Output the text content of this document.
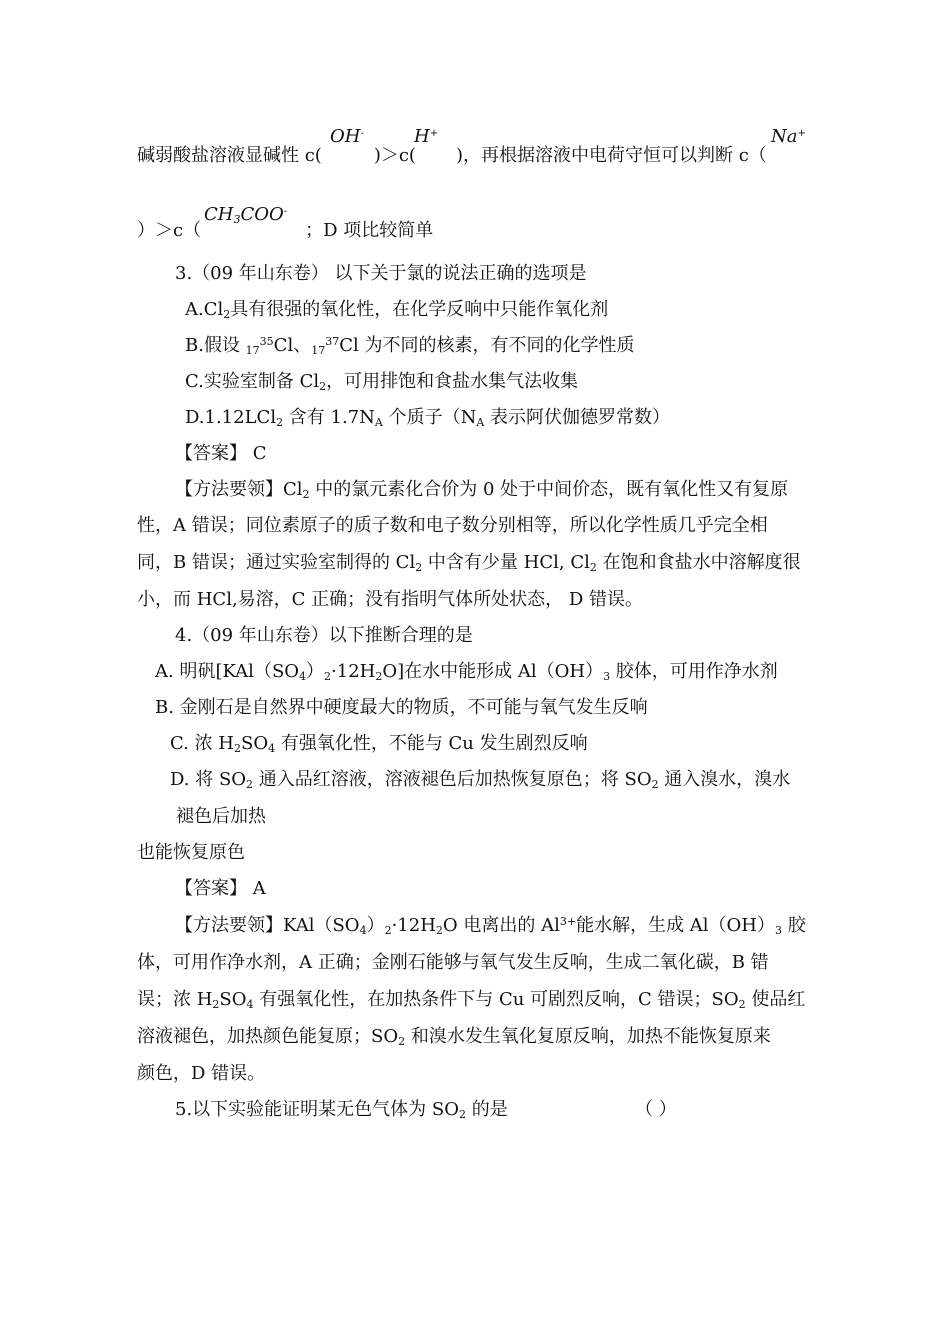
碱弱酸盐溶液显碱性 c(	)＞c( )，再根据溶液中电荷守恒可以判断 c（
OH-	H+	Na+
$CH_3COO^-$
）＞c（	；D 项比较简单
3.（09 年山东卷） 以下关于氯的说法正确的选项是
$A.Cl_2$具有很强的氧化性，在化学反响中只能作氧化剂
B.假设 $_{17}^{35}$Cl、$_{17}^{37}$Cl 为不同的核素，有不同的化学性质
C.实验室制备 $Cl_2$，可用排饱和食盐水集气法收集
D.1.12LCl$_2$ 含有 $1.7N_A$ 个质子（$N_A$ 表示阿伏伽德罗常数）
【答案】 C
【方法要领】$Cl_2$ 中的氯元素化合价为 0 处于中间价态，既有氧化性又有复原
性，A 错误；同位素原子的质子数和电子数分别相等，所以化学性质几乎完全相
同，B 错误；通过实验室制得的 $Cl_2$ 中含有少量 HCl, $Cl_2$ 在饱和食盐水中溶解度很
小，而 HCl,易溶，C 正确；没有指明气体所处状态， D 错误。
4.（09 年山东卷）以下推断合理的是
A. 明矾$[KAl(SO_4)_2\cdot 12H_2O]$在水中能形成 $Al(OH)_3$ 胶体，可用作净水剂
B. 金刚石是自然界中硬度最大的物质，不可能与氧气发生反响
C. 浓 $H_2SO_4$ 有强氧化性，不能与 Cu 发生剧烈反响
D. 将 $SO_2$ 通入品红溶液，溶液褪色后加热恢复原色；将 $SO_2$ 通入溴水，溴水
褪色后加热
也能恢复原色
【答案】 A
【方法要领】$KAl(SO_4)_2\cdot 12H_2O$ 电离出的 $Al^{3+}$能水解，生成 $Al(OH)_3$ 胶
体，可用作净水剂，A 正确；金刚石能够与氧气发生反响，生成二氧化碳，B 错
误；浓 $H_2SO_4$ 有强氧化性，在加热条件下与 Cu 可剧烈反响，C 错误；$SO_2$ 使品红
溶液褪色，加热颜色能复原；$SO_2$ 和溴水发生氧化复原反响，加热不能恢复原来
颜色，D 错误。
5.以下实验能证明某无色气体为 $SO_2$ 的是	（ ）
